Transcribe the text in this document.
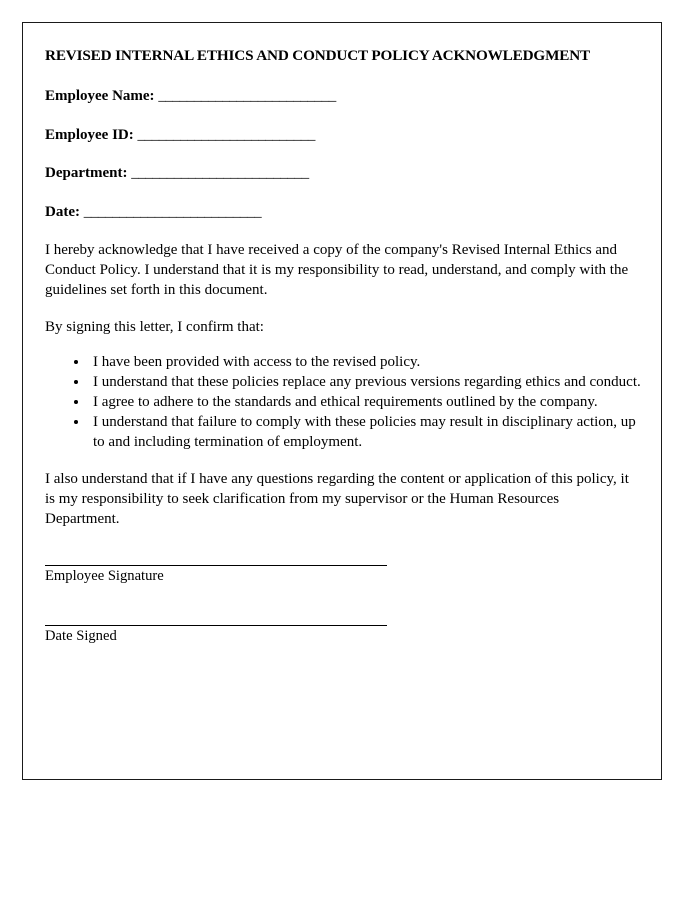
REVISED INTERNAL ETHICS AND CONDUCT POLICY ACKNOWLEDGMENT
Employee Name: _________________________
Employee ID: _________________________
Department: _________________________
Date: _________________________

I hereby acknowledge that I have received a copy of the company's Revised Internal Ethics and Conduct Policy. I understand that it is my responsibility to read, understand, and comply with the guidelines set forth in this document.

By signing this letter, I confirm that:

• I have been provided with access to the revised policy.
• I understand that these policies replace any previous versions regarding ethics and conduct.
• I agree to adhere to the standards and ethical requirements outlined by the company.
• I understand that failure to comply with these policies may result in disciplinary action, up to and including termination of employment.

I also understand that if I have any questions regarding the content or application of this policy, it is my responsibility to seek clarification from my supervisor or the Human Resources Department.

Employee Signature

Date Signed
